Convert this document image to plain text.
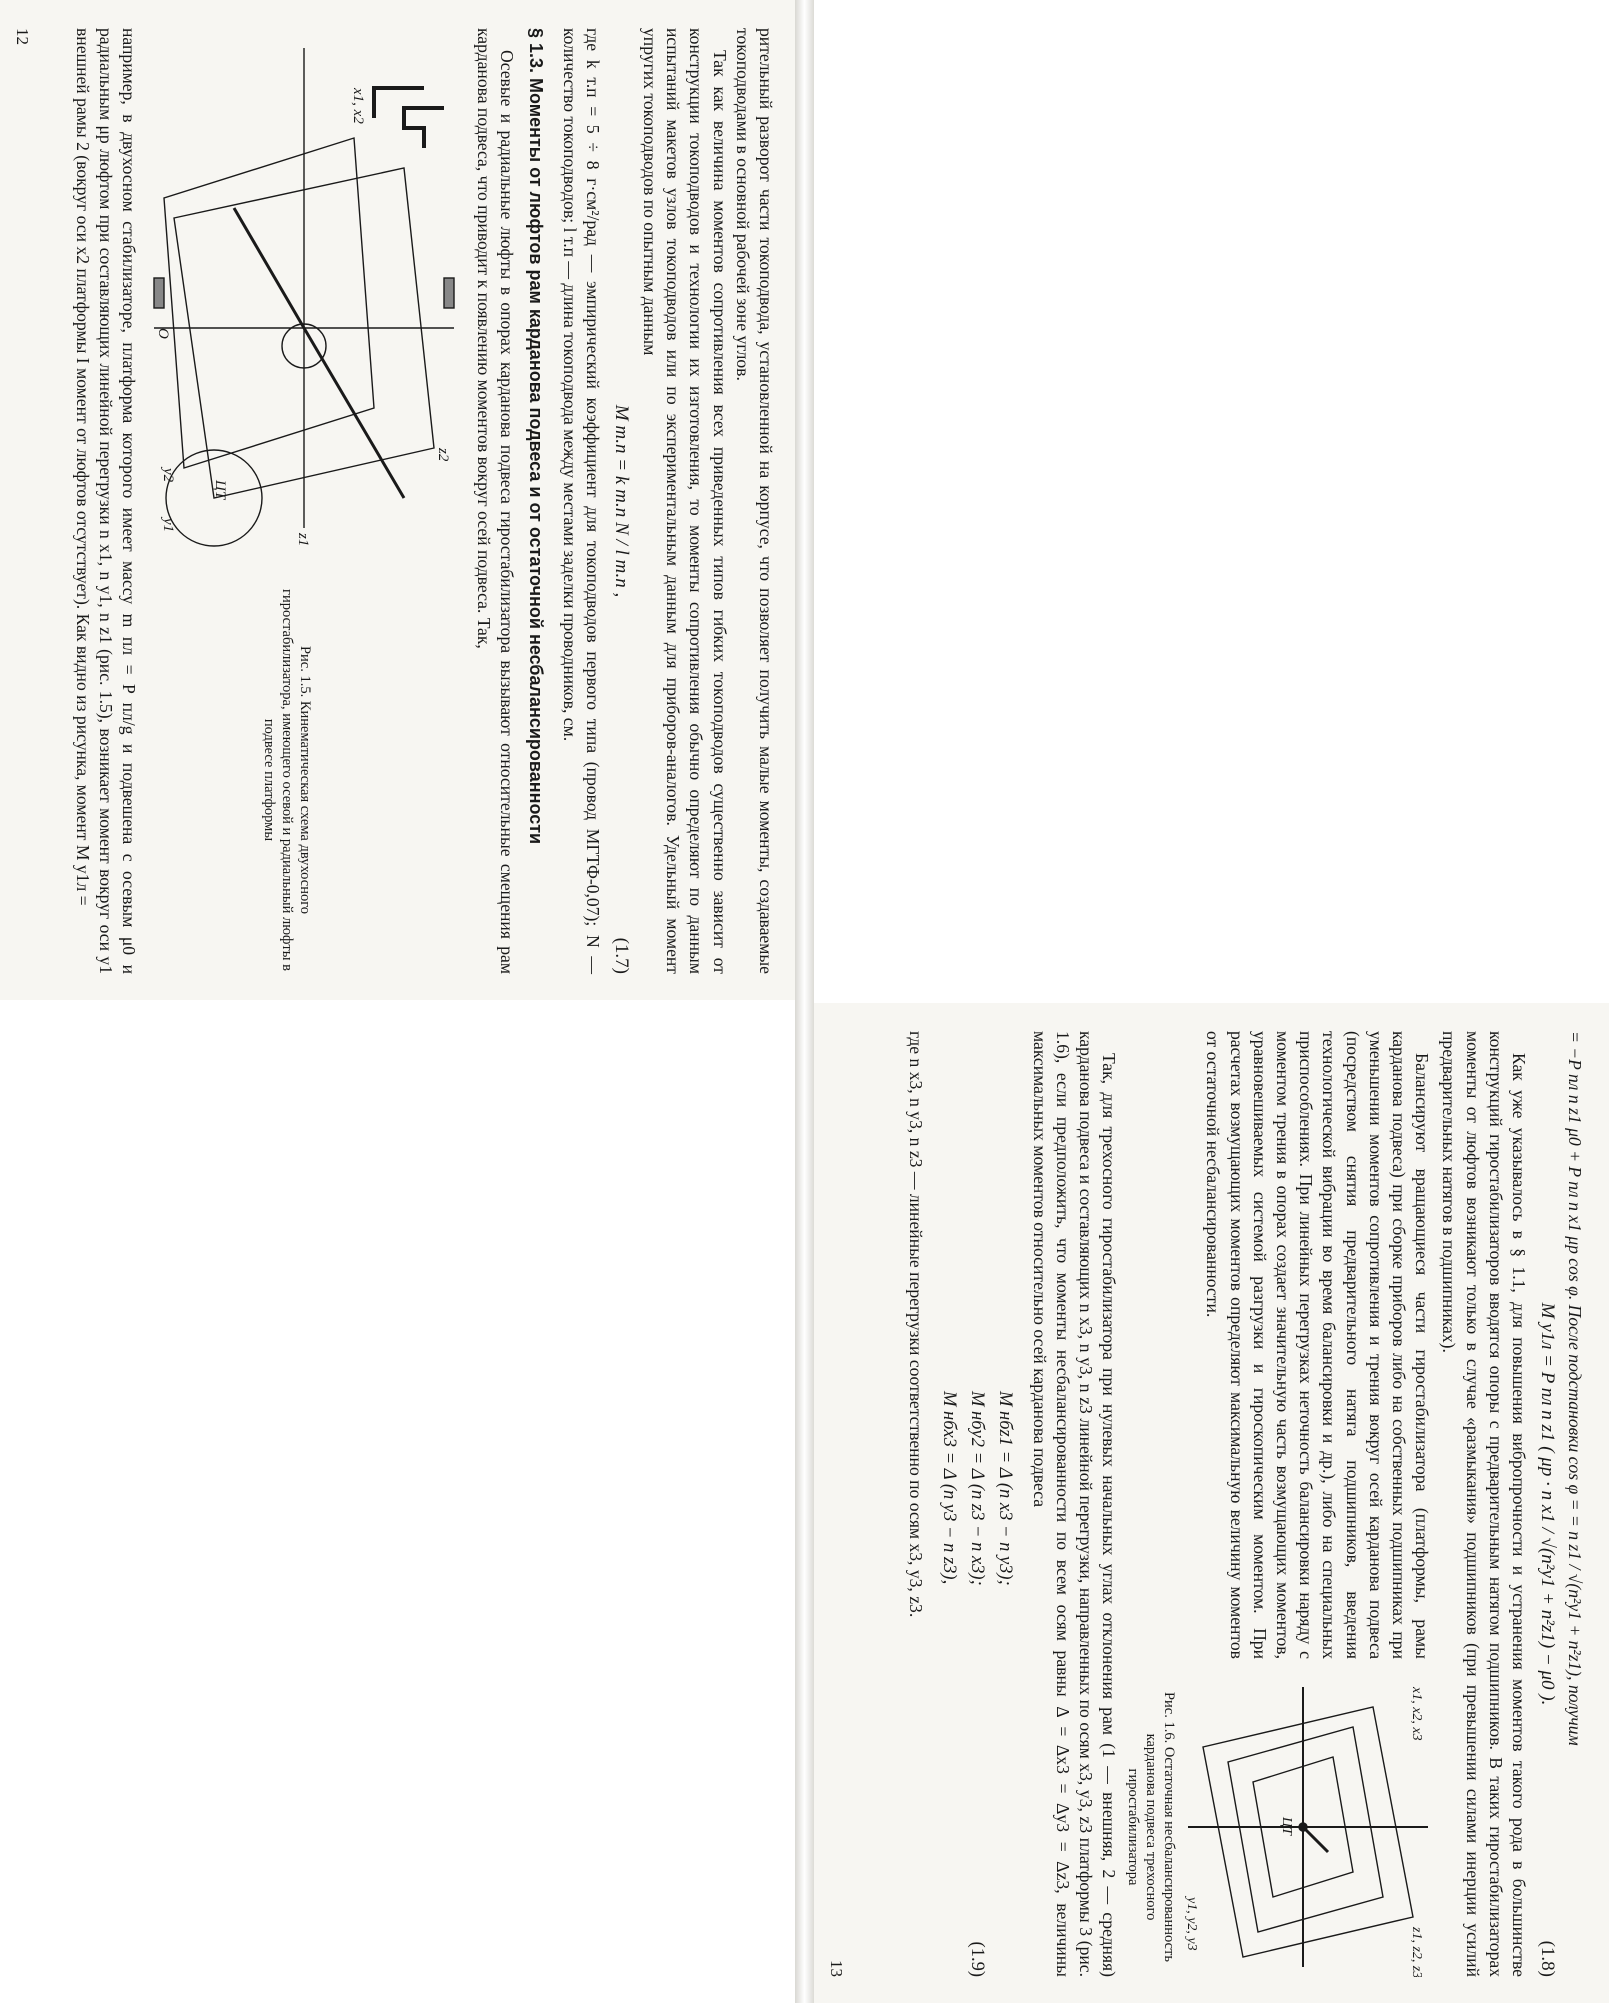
рительный разворот части токоподвода, установленной на корпусе, что позволяет получить малые моменты, создаваемые токоподводами в основной рабочей зоне углов.

Так как величина моментов сопротивления всех приведенных типов гибких токоподводов существенно зависит от конструкции токоподводов и технологии их изготовления, то моменты сопротивления обычно определяют по данным испытаний макетов узлов токоподводов или по экспериментальным данным для приборов-аналогов. Удельный момент упругих токоподводов по опытным данным

M т.п = k т.п N / l т.п ,
(1.7)

где k т.п = 5 ÷ 8 г·см²/рад — эмпирический коэффициент для токоподводов первого типа (провод МГТФ-0,07); N — количество токоподводов; l т.п — длина токоподвода между местами заделки проводников, см.

§ 1.3. Моменты от люфтов рам карданова подвеса и от остаточной несбалансированности

Осевые и радиальные люфты в опорах карданова подвеса гиростабилизатора вызывают относительные смещения рам карданова подвеса, что приводит к появлению моментов вокруг осей подвеса. Так,

z1
z2
x1, x2
O
y1
y2
ЦТ
Рис. 1.5. Кинематическая схема двухосного гиростабилизатора, имеющего осевой и радиальный люфты в подвесе платформы

например, в двухосном стабилизаторе, платформа которого имеет массу m пл = P пл/g и подвешена с осевым μ0 и радиальным μр люфтом при составляющих линейной перегрузки n x1, n y1, n z1 (рис. 1.5), возникает момент вокруг оси y1 внешней рамы 2 (вокруг оси x2 платформы I момент от люфтов отсутствует). Как видно из рисунка, момент M y1л =

12
= −P пл n z1 μ0 + P пл n x1 μр cos φ. После подстановки cos φ = = n z1 / √(n²y1 + n²z1), получим
M y1л = P пл n z1 ( μр · n x1 / √(n²y1 + n²z1) − μ0 ).
(1.8)

Как уже указывалось в § 1.1, для повышения вибропрочности и устранения моментов такого рода в большинстве конструкций гиростабилизаторов вводятся опоры с предварительным натягом подшипников. В таких гиростабилизаторах моменты от люфтов возникают только в случае «размыкания» подшипников (при превышении силами инерции усилий предварительных натягов в подшипниках).

Балансируют вращающиеся части гиростабилизатора (платформы, рамы карданова подвеса) при сборке приборов либо на собственных подшипниках при уменьшении моментов сопротивления и трения вокруг осей карданова подвеса (посредством снятия предварительного натяга подшипников, введения технологической вибрации во время балансировки и др.), либо на специальных приспособлениях. При линейных перегрузках неточность балансировки наряду с моментом трения в опорах создает значительную часть возмущающих моментов, уравновешиваемых системой разгрузки и гироскопическим моментом. При расчетах возмущающих моментов определяют максимальную величину моментов от остаточной несбалансированности.

x1, x2, x3
y1, y2, y3
z1, z2, z3
ЦТ
Рис. 1.6. Остаточная несбалансированность карданова подвеса трехосного гиростабилизатора

Так, для трехосного гиростабилизатора при нулевых начальных углах отклонения рам (1 — внешняя, 2 — средняя) карданова подвеса и составляющих n x3, n y3, n z3 линейной перегрузки, направленных по осям x3, y3, z3 платформы 3 (рис. 1.6), если предположить, что моменты несбалансированности по всем осям равны Δ = Δx3 = Δy3 = Δz3, величины максимальных моментов относительно осей карданова подвеса

M нбz1 = Δ (n x3 − n y3);
M нбy2 = Δ (n z3 − n x3);
M нбx3 = Δ (n y3 − n z3),
(1.9)

где n x3, n y3, n z3 — линейные перегрузки соответственно по осям x3, y3, z3.

13
